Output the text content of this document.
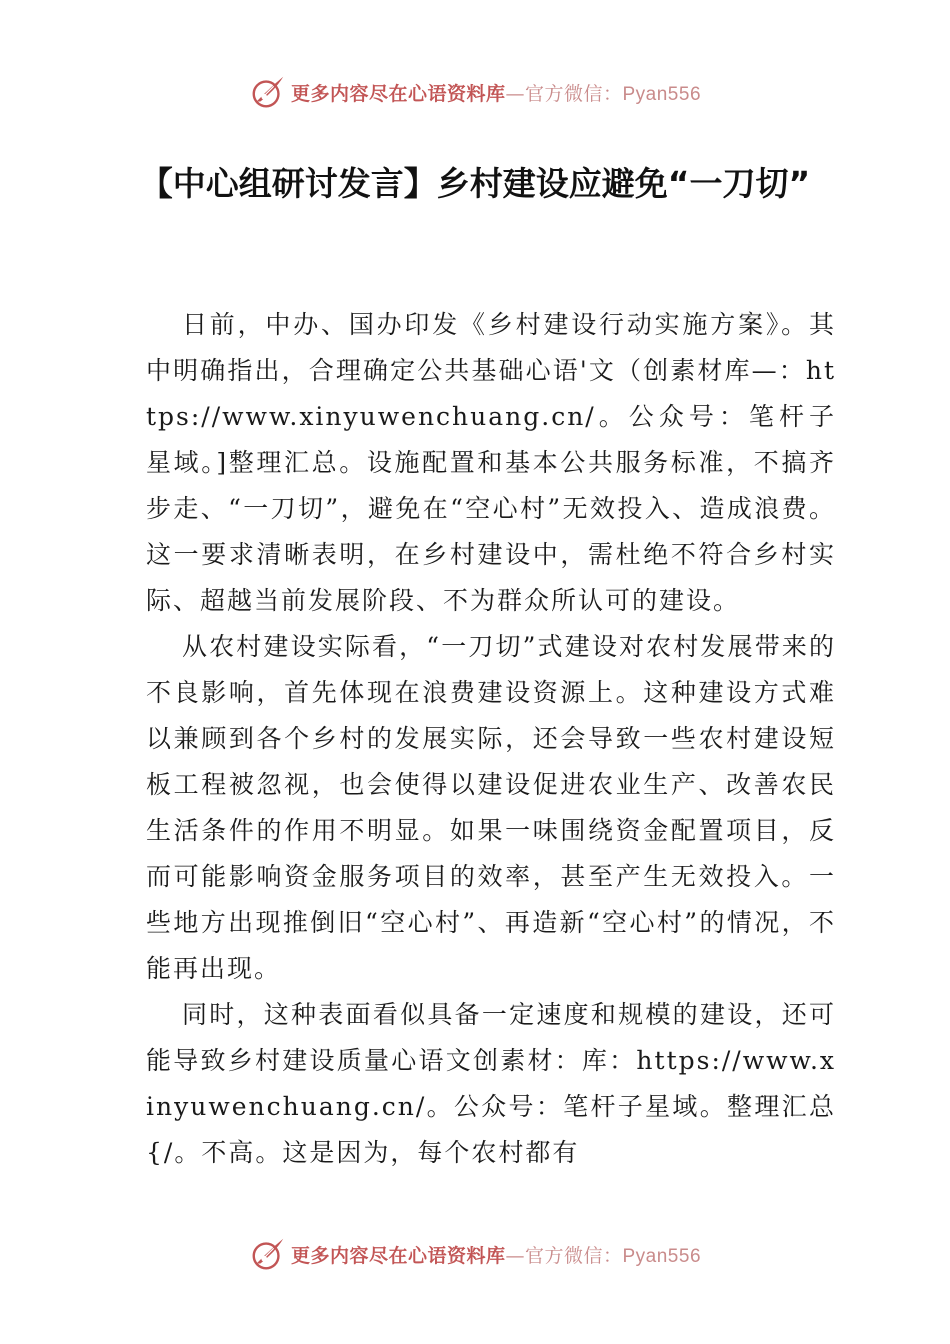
更多内容尽在心语资料库—官方微信：Pyan556
【中心组研讨发言】乡村建设应避免“一刀切”

日前，中办、国办印发《乡村建设行动实施方案》。其中明确指出，合理确定公共基础心语'文（创素材库—：https://www.xinyuwenchuang.cn/。公众号：笔杆子星域。]整理汇总。设施配置和基本公共服务标准，不搞齐步走、“一刀切”，避免在“空心村”无效投入、造成浪费。这一要求清晰表明，在乡村建设中，需杜绝不符合乡村实际、超越当前发展阶段、不为群众所认可的建设。

从农村建设实际看，“一刀切”式建设对农村发展带来的不良影响，首先体现在浪费建设资源上。这种建设方式难以兼顾到各个乡村的发展实际，还会导致一些农村建设短板工程被忽视，也会使得以建设促进农业生产、改善农民生活条件的作用不明显。如果一味围绕资金配置项目，反而可能影响资金服务项目的效率，甚至产生无效投入。一些地方出现推倒旧“空心村”、再造新“空心村”的情况，不能再出现。

同时，这种表面看似具备一定速度和规模的建设，还可能导致乡村建设质量心语文创素材：库：https://www.xinyuwenchuang.cn/。公众号：笔杆子星域。整理汇总{/。不高。这是因为，每个农村都有

更多内容尽在心语资料库—官方微信：Pyan556
